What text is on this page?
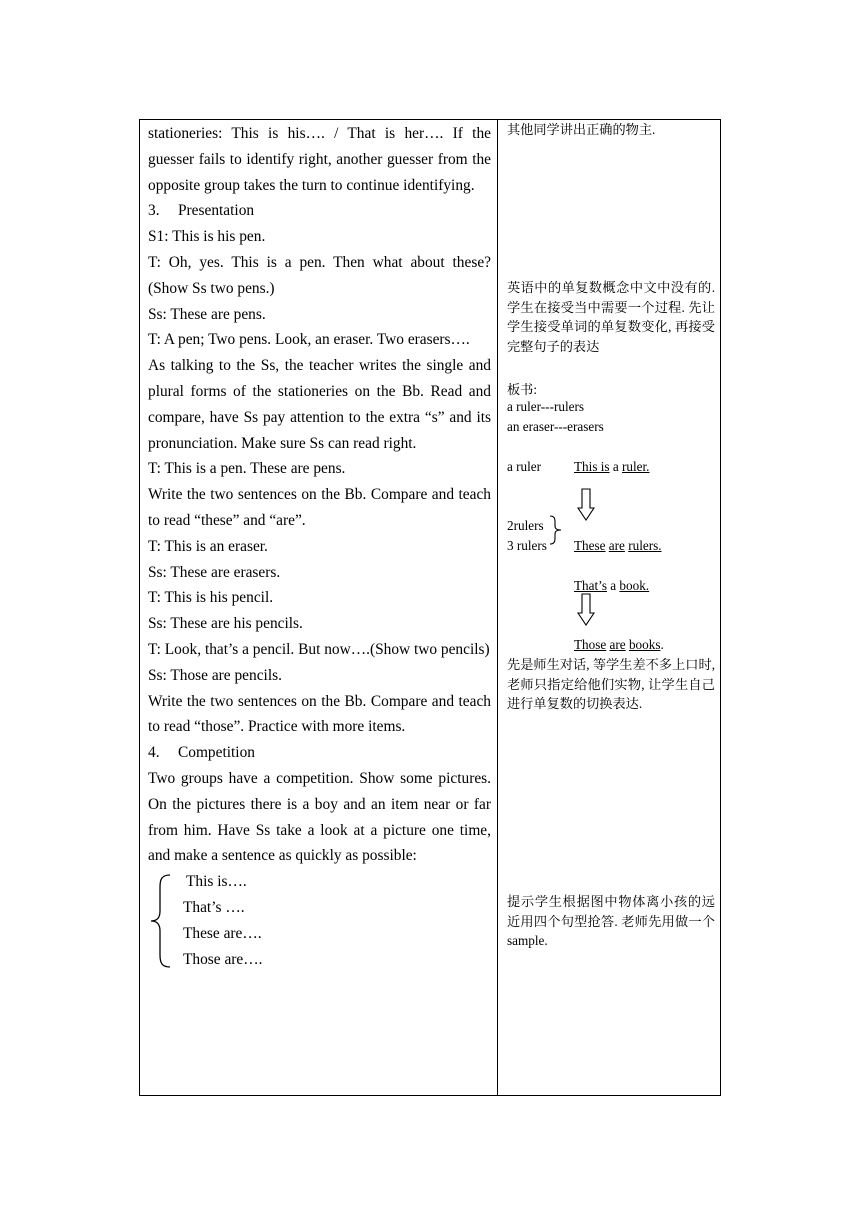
stationeries: This is his…. / That is her…. If the guesser fails to identify right, another guesser from the opposite group takes the turn to continue identifying.

3. Presentation

S1: This is his pen.

T: Oh, yes. This is a pen. Then what about these? (Show Ss two pens.)

Ss: These are pens.

T: A pen; Two pens. Look, an eraser. Two erasers….

As talking to the Ss, the teacher writes the single and plural forms of the stationeries on the Bb. Read and compare, have Ss pay attention to the extra “s” and its pronunciation. Make sure Ss can read right.

T: This is a pen. These are pens.

Write the two sentences on the Bb. Compare and teach to read “these” and “are”.

T: This is an eraser.

Ss: These are erasers.

T: This is his pencil.

Ss: These are his pencils.

T: Look, that’s a pencil. But now….(Show two pencils)

Ss: Those are pencils.

Write the two sentences on the Bb. Compare and teach to read “those”. Practice with more items.

4. Competition

Two groups have a competition. Show some pictures. On the pictures there is a boy and an item near or far from him. Have Ss take a look at a picture one time, and make a sentence as quickly as possible:

This is….

That’s ….

These are….

Those are….

其他同学讲出正确的物主.

英语中的单复数概念中文中没有的. 学生在接受当中需要一个过程. 先让学生接受单词的单复数变化, 再接受完整句子的表达

板书:
a ruler---rulers
an eraser---erasers
a ruler This is a ruler.
2rulers
3 rulers These are rulers.
That’s a book.
Those are books.

先是师生对话, 等学生差不多上口时, 老师只指定给他们实物, 让学生自己进行单复数的切换表达.

提示学生根据图中物体离小孩的远近用四个句型抢答. 老师先用做一个 sample.
